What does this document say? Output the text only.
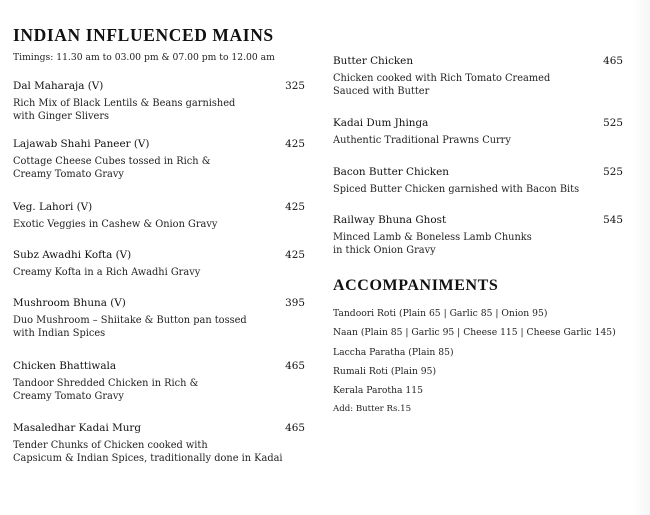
INDIAN INFLUENCED MAINS
Timings: 11.30 am to 03.00 pm & 07.00 pm to 12.00 am
Dal Maharaja (V)	325
Rich Mix of Black Lentils & Beans garnished
with Ginger Slivers
Lajawab Shahi Paneer (V)	425
Cottage Cheese Cubes tossed in Rich &
Creamy Tomato Gravy
Veg. Lahori (V)	425
Exotic Veggies in Cashew & Onion Gravy
Subz Awadhi Kofta (V)	425
Creamy Kofta in a Rich Awadhi Gravy
Mushroom Bhuna (V)	395
Duo Mushroom – Shiitake & Button pan tossed
with Indian Spices
Chicken Bhattiwala	465
Tandoor Shredded Chicken in Rich &
Creamy Tomato Gravy
Masaledhar Kadai Murg	465
Tender Chunks of Chicken cooked with
Capsicum & Indian Spices, traditionally done in Kadai
Butter Chicken	465
Chicken cooked with Rich Tomato Creamed
Sauced with Butter
Kadai Dum Jhinga	525
Authentic Traditional Prawns Curry
Bacon Butter Chicken	525
Spiced Butter Chicken garnished with Bacon Bits
Railway Bhuna Ghost	545
Minced Lamb & Boneless Lamb Chunks
in thick Onion Gravy
ACCOMPANIMENTS
Tandoori Roti (Plain 65 | Garlic 85 | Onion 95)
Naan (Plain 85 | Garlic 95 | Cheese 115 | Cheese Garlic 145)
Laccha Paratha (Plain 85)
Rumali Roti (Plain 95)
Kerala Parotha 115
Add: Butter Rs.15
